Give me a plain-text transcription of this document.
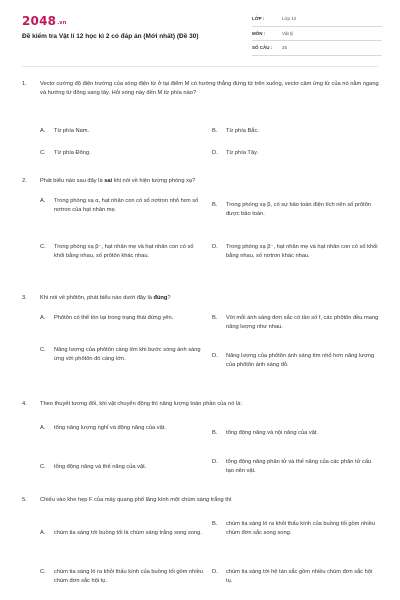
2048.vn
Đề kiểm tra Vật lí 12 học kì 2 có đáp án (Mới nhất) (Đề 30)
LỚP :	Lớp 12
MÔN :	Vật lý
SỐ CÂU :	25
1.	Vectơ cường độ điện trường của sóng điện từ ở tại điểm M có hướng thẳng đứng từ trên xuống, vectơ cảm ứng từ của nó nằm ngang và hướng từ đông sang tây. Hỏi sóng này đến M từ phía nào?
A.	Từ phía Nam.	B.	Từ phía Bắc.
C.	Từ phía Đông.	D.	Từ phía Tây.
2.	Phát biểu nào sau đây là sai khi nói về hiện tượng phóng xạ?
A.	Trong phóng xạ α, hạt nhân con có số nơtron nhỏ hơn số nơtron của hạt nhân mẹ.
B.	Trong phóng xạ β, có sự bảo toàn điện tích nên số prôtôn được bảo toàn.
C.	Trong phóng xạ β⁻, hạt nhân mẹ và hạt nhân con có số khối bằng nhau, số prôtôn khác nhau.
D.	Trong phóng xạ β⁻, hạt nhân mẹ và hạt nhân con có số khối bằng nhau, số nơtron khác nhau.
3.	Khi nói về phôtôn, phát biểu nào dưới đây là đúng?
A.	Phôtôn có thể tồn tại trong trạng thái đứng yên.	B.	Với mỗi ánh sáng đơn sắc có tần số f, các phôtôn đều mang năng lượng như nhau.
C.	Năng lượng của phôtôn càng lớn khi bước sóng ánh sáng ứng với phôtôn đó càng lớn.	D.	Năng lượng của phôtôn ánh sáng tím nhỏ hơn năng lượng của phôtôn ánh sáng đỏ.
4.	Theo thuyết tương đối, khi vật chuyển động thì năng lượng toàn phần của nó là:
A.	tổng năng lượng nghỉ và động năng của vật.
B.	tổng động năng và nội năng của vật.
C.	tổng động năng và thế năng của vật.
D.	tổng động năng phân tử và thế năng của các phân tử cấu tạo nên vật.
5.	Chiếu vào khe hẹp F của máy quang phổ lăng kính một chùm sáng trắng thì
A.	chùm tia sáng tới buồng tối là chùm sáng trắng song song.
B.	chùm tia sáng ló ra khỏi thấu kính của buồng tối gồm nhiều chùm đơn sắc song song.
C.	chùm tia sáng ló ra khỏi thấu kính của buồng tối gồm nhiều chùm đơn sắc hội tụ.
D.	chùm tia sáng tới hệ tán sắc gồm nhiều chùm đơn sắc hội tụ.
